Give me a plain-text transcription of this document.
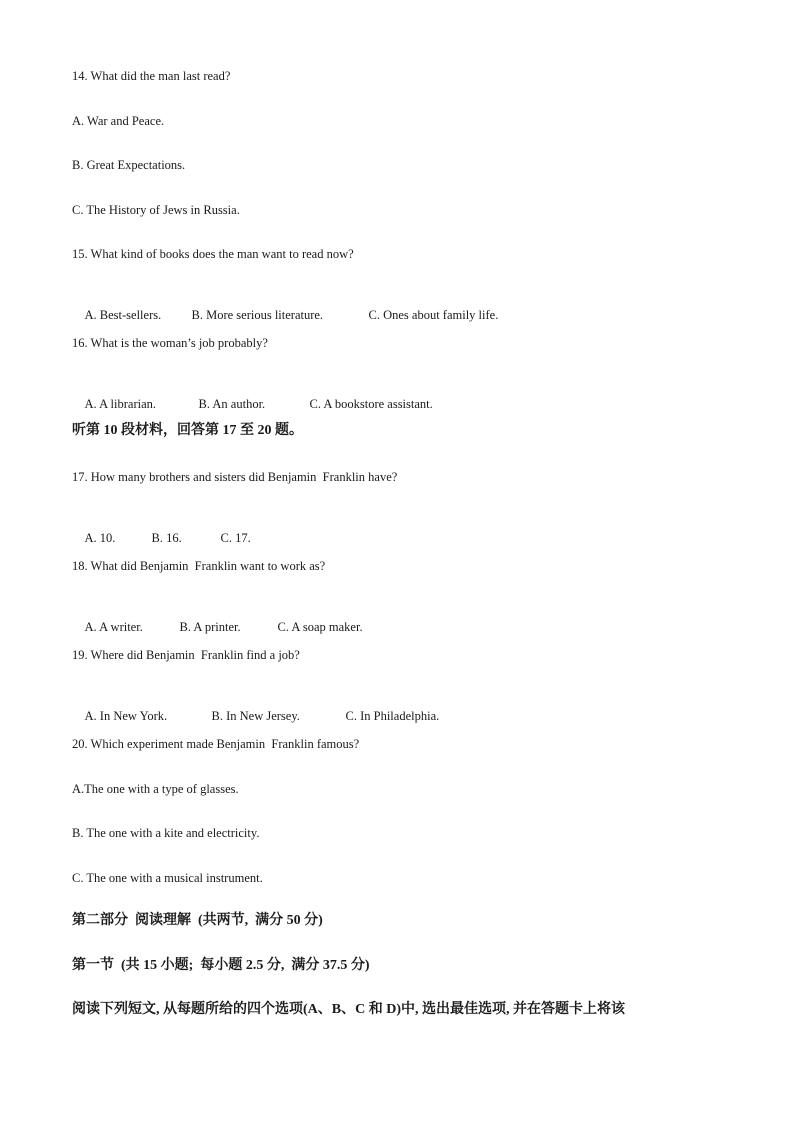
14. What did the man last read?
A. War and Peace.
B. Great Expectations.
C. The History of Jews in Russia.
15. What kind of books does the man want to read now?

A. Best-sellers. B. More serious literature.	C. Ones about family life.

16. What is the woman’s job probably?

A. A librarian.	B. An author.	C. A bookstore assistant.

听第 10 段材料，回答第 17 至 20 题。
17. How many brothers and sisters did Benjamin  Franklin have?

A. 10.	B. 16.	C. 17.

18. What did Benjamin  Franklin want to work as?

A. A writer.	B. A printer.	C. A soap maker.

19. Where did Benjamin  Franklin find a job?

A. In New York.	B. In New Jersey.	C. In Philadelphia.

20. Which experiment made Benjamin  Franklin famous?
A.The one with a type of glasses.
B. The one with a kite and electricity.
C. The one with a musical instrument.
第二部分  阅读理解  (共两节,  满分 50 分)
第一节  (共 15 小题;  每小题 2.5 分,  满分 37.5 分)
阅读下列短文, 从每题所给的四个选项(A、B、C 和 D)中, 选出最佳选项, 并在答题卡上将该
